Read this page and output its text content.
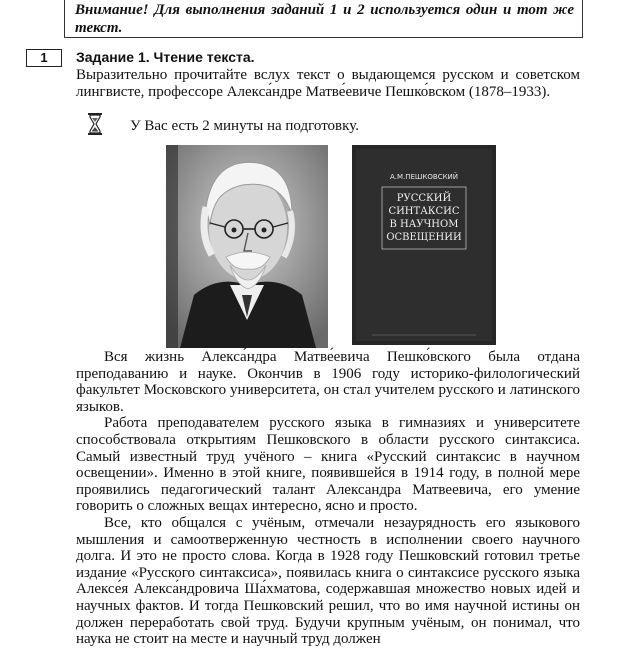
Внимание! Для выполнения заданий 1 и 2 используется один и тот же текст.
1	Задание 1. Чтение текста.

Выразительно прочитайте вслух текст о выдающемся русском и советском лингвисте, профессоре Алекса́ндре Матве́евиче Пешко́вском (1878–1933).

У Вас есть 2 минуты на подготовку.
А.М.ПЕШКОВСКИЙ
РУССКИЙ
СИНТАКСИС
В НАУЧНОМ
ОСВЕЩЕНИИ

Вся жизнь Алекса́ндра Матве́евича Пешко́вского была отдана преподаванию и науке. Окончив в 1906 году историко-филологический факультет Московского университета, он стал учителем русского и латинского языков.

Работа преподавателем русского языка в гимназиях и университете способствовала открытиям Пешковского в области русского синтаксиса. Самый известный труд учёного – книга «Русский синтаксис в научном освещении». Именно в этой книге, появившейся в 1914 году, в полной мере проявились педагогический талант Александра Матвеевича, его умение говорить о сложных вещах интересно, ясно и просто.

Все, кто общался с учёным, отмечали незаурядность его языкового мышления и самоотверженную честность в исполнении своего научного долга. И это не просто слова. Когда в 1928 году Пешковский готовил третье издание «Русского синтаксиса», появилась книга о синтаксисе русского языка Алексе́я Алекса́ндровича Ша́хматова, содержавшая множество новых идей и научных фактов. И тогда Пешковский решил, что во имя научной истины он должен переработать свой труд. Будучи крупным учёным, он понимал, что наука не стоит на месте и научный труд должен
